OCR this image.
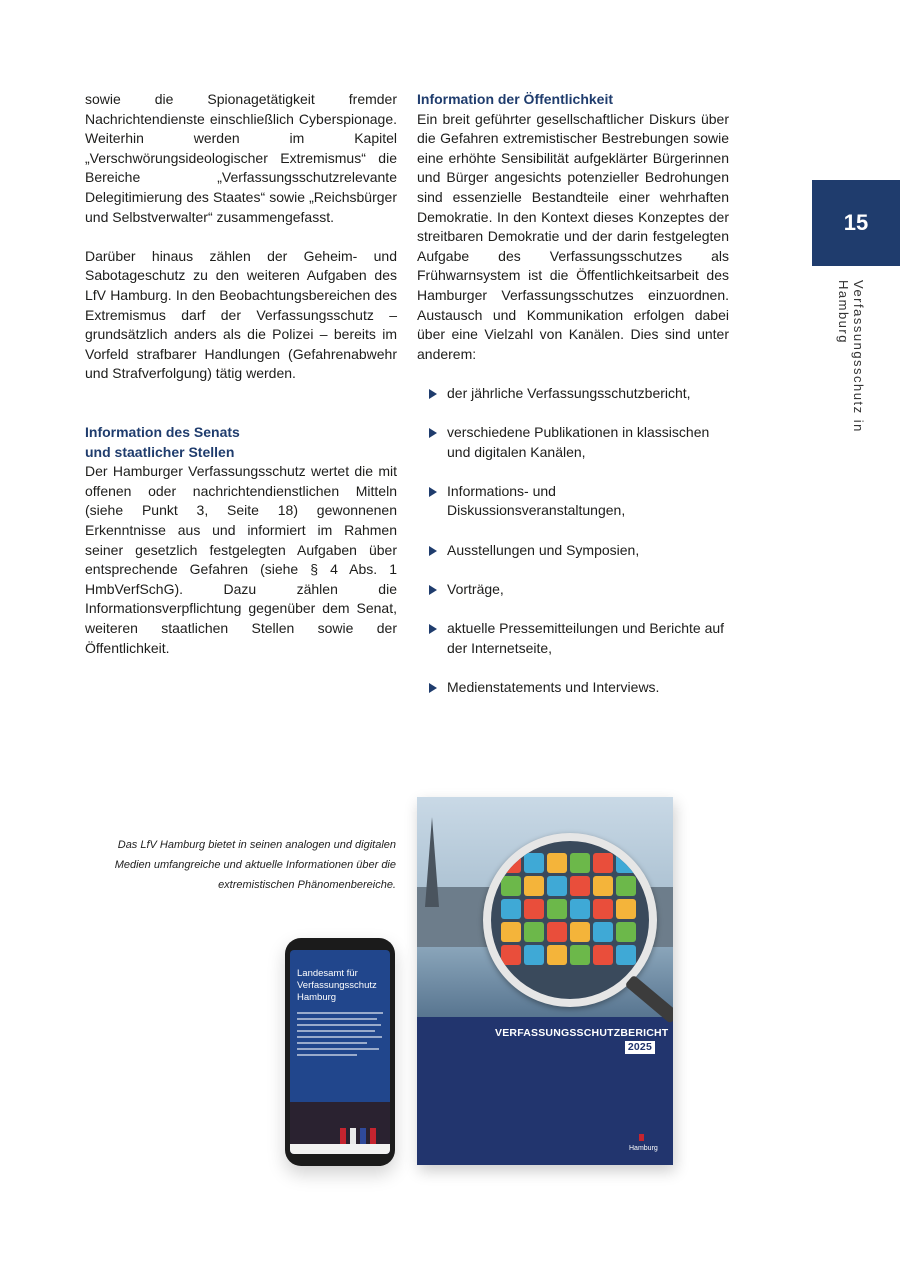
sowie die Spionagetätigkeit fremder Nachrichtendienste einschließlich Cyberspionage. Weiterhin werden im Kapitel „Verschwörungsideologischer Extremismus“ die Bereiche „Verfassungsschutzrelevante Delegitimierung des Staates“ sowie „Reichsbürger und Selbstverwalter“ zusammengefasst.

Darüber hinaus zählen der Geheim- und Sabotageschutz zu den weiteren Aufgaben des LfV Hamburg. In den Beobachtungsbereichen des Extremismus darf der Verfassungsschutz – grundsätzlich anders als die Polizei – bereits im Vorfeld strafbarer Handlungen (Gefahrenabwehr und Strafverfolgung) tätig werden.

Information des Senats
und staatlicher Stellen

Der Hamburger Verfassungsschutz wertet die mit offenen oder nachrichtendienstlichen Mitteln (siehe Punkt 3, Seite 18) gewonnenen Erkenntnisse aus und informiert im Rahmen seiner gesetzlich festgelegten Aufgaben über entsprechende Gefahren (siehe § 4 Abs. 1 HmbVerfSchG). Dazu zählen die Informationsverpflichtung gegenüber dem Senat, weiteren staatlichen Stellen sowie der Öffentlichkeit.

Information der Öffentlichkeit

Ein breit geführter gesellschaftlicher Diskurs über die Gefahren extremistischer Bestrebungen sowie eine erhöhte Sensibilität aufgeklärter Bürgerinnen und Bürger angesichts potenzieller Bedrohungen sind essenzielle Bestandteile einer wehrhaften Demokratie. In den Kontext dieses Konzeptes der streitbaren Demokratie und der darin festgelegten Aufgabe des Verfassungsschutzes als Frühwarnsystem ist die Öffentlichkeitsarbeit des Hamburger Verfassungsschutzes einzuordnen. Austausch und Kommunikation erfolgen dabei über eine Vielzahl von Kanälen. Dies sind unter anderem:

der jährliche Verfassungsschutzbericht,
verschiedene Publikationen in klassischen und digitalen Kanälen,
Informations- und Diskussionsveranstaltungen,
Ausstellungen und Symposien,
Vorträge,
aktuelle Pressemitteilungen und Berichte auf der Internetseite,
Medienstatements und Interviews.
15
Verfassungsschutz in Hamburg
Das LfV Hamburg bietet in seinen analogen und digitalen Medien umfangreiche und aktuelle Informationen über die extremistischen Phänomenbereiche.
Landesamt für Verfassungsschutz Hamburg
VERFASSUNGSSCHUTZBERICHT
2025
Hamburg
